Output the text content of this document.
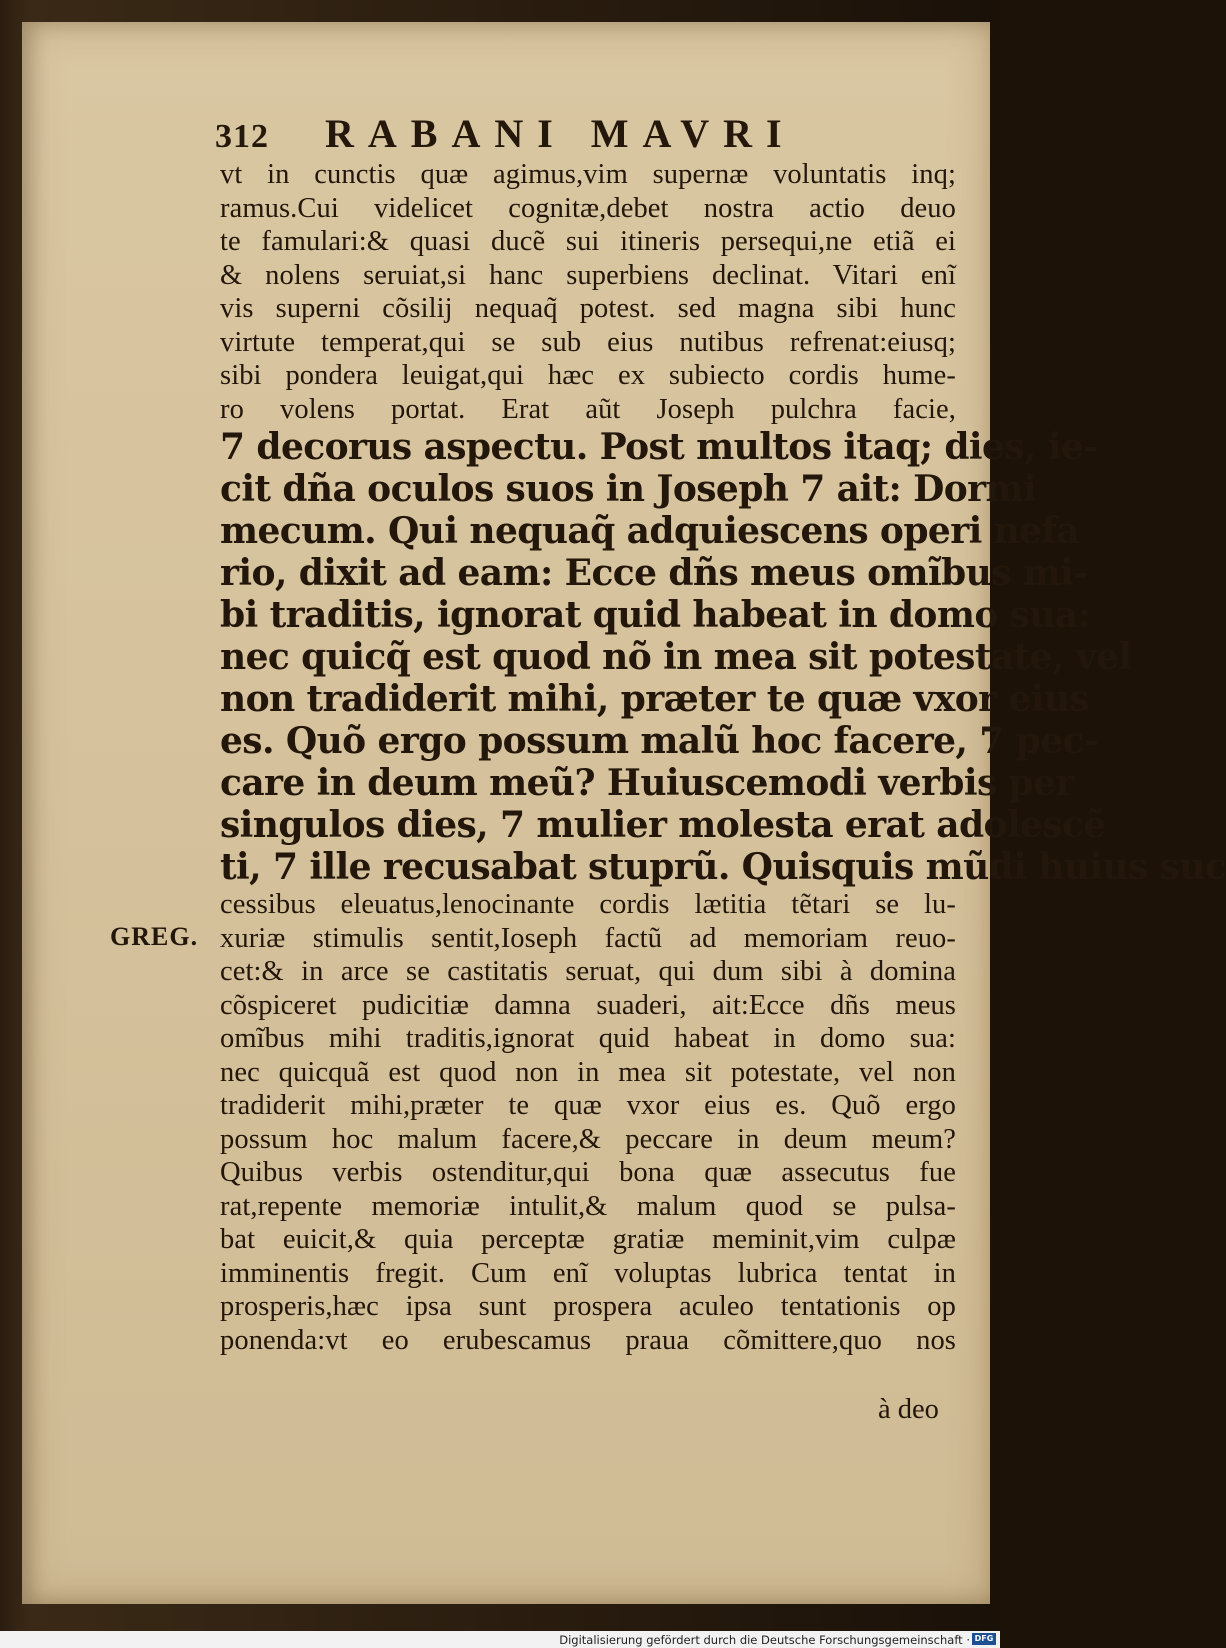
312	RABANI MAVRI
GREG.
vt in cunctis quæ agimus,vim supernæ voluntatis inq;
ramus.Cui videlicet cognitæ,debet nostra actio deuo
te famulari:& quasi ducẽ sui itineris persequi,ne etiã ei
& nolens seruiat,si hanc superbiens declinat. Vitari enĩ
vis superni cõsilij nequaq̃ potest. sed magna sibi hunc
virtute temperat,qui se sub eius nutibus refrenat:eiusq;
sibi pondera leuigat,qui hæc ex subiecto cordis hume-
ro volens portat. Erat aũt Joseph pulchra facie,
7 decorus aspectu. Post multos itaq; dies, ie-
cit dña oculos suos in Joseph 7 ait: Dormi
mecum. Qui nequaq̃ adquiescens operi nefa
rio, dixit ad eam: Ecce dñs meus omĩbus mi-
bi traditis, ignorat quid habeat in domo sua:
nec quicq̃ est quod nõ in mea sit potestate, vel
non tradiderit mihi, præter te quæ vxor eius
es. Quõ ergo possum malũ hoc facere, 7 pec-
care in deum meũ? Huiuscemodi verbis per
singulos dies, 7 mulier molesta erat adolescẽ
ti, 7 ille recusabat stuprũ. Quisquis mũdi huius suc
cessibus eleuatus,lenocinante cordis lætitia tẽtari se lu-
xuriæ stimulis sentit,Ioseph factũ ad memoriam reuo-
cet:& in arce se castitatis seruat, qui dum sibi à domina
cõspiceret pudicitiæ damna suaderi, ait:Ecce dñs meus
omĩbus mihi traditis,ignorat quid habeat in domo sua:
nec quicquã est quod non in mea sit potestate, vel non
tradiderit mihi,præter te quæ vxor eius es. Quõ ergo
possum hoc malum facere,& peccare in deum meum?
Quibus verbis ostenditur,qui bona quæ assecutus fue
rat,repente memoriæ intulit,& malum quod se pulsa-
bat euicit,& quia perceptæ gratiæ meminit,vim culpæ
imminentis fregit. Cum enĩ voluptas lubrica tentat in
prosperis,hæc ipsa sunt prospera aculeo tentationis op
ponenda:vt eo erubescamus praua cõmittere,quo nos
à deo
Digitalisierung gefördert durch die Deutsche Forschungsgemeinschaft · DFG
